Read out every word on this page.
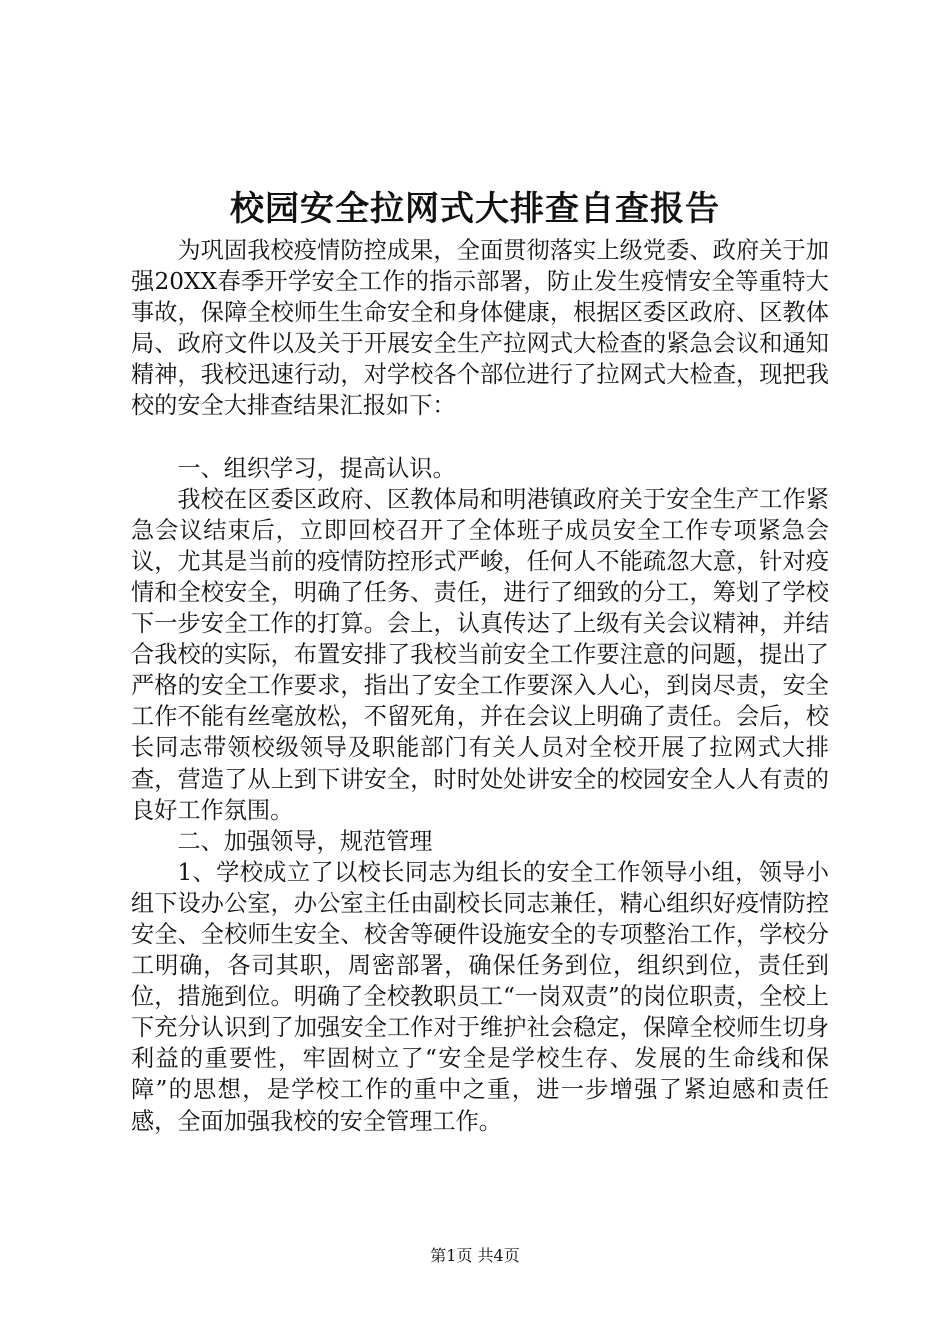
校园安全拉网式大排查自查报告

为巩固我校疫情防控成果，全面贯彻落实上级党委、政府关于加强20XX春季开学安全工作的指示部署，防止发生疫情安全等重特大事故，保障全校师生生命安全和身体健康，根据区委区政府、区教体局、政府文件以及关于开展安全生产拉网式大检查的紧急会议和通知精神，我校迅速行动，对学校各个部位进行了拉网式大检查，现把我校的安全大排查结果汇报如下：

一、组织学习，提高认识。

我校在区委区政府、区教体局和明港镇政府关于安全生产工作紧急会议结束后，立即回校召开了全体班子成员安全工作专项紧急会议，尤其是当前的疫情防控形式严峻，任何人不能疏忽大意，针对疫情和全校安全，明确了任务、责任，进行了细致的分工，筹划了学校下一步安全工作的打算。会上，认真传达了上级有关会议精神，并结合我校的实际，布置安排了我校当前安全工作要注意的问题，提出了严格的安全工作要求，指出了安全工作要深入人心，到岗尽责，安全工作不能有丝毫放松，不留死角，并在会议上明确了责任。会后，校长同志带领校级领导及职能部门有关人员对全校开展了拉网式大排查，营造了从上到下讲安全，时时处处讲安全的校园安全人人有责的良好工作氛围。

二、加强领导，规范管理

1、学校成立了以校长同志为组长的安全工作领导小组，领导小组下设办公室，办公室主任由副校长同志兼任，精心组织好疫情防控安全、全校师生安全、校舍等硬件设施安全的专项整治工作，学校分工明确，各司其职，周密部署，确保任务到位，组织到位，责任到位，措施到位。明确了全校教职员工“一岗双责”的岗位职责，全校上下充分认识到了加强安全工作对于维护社会稳定，保障全校师生切身利益的重要性，牢固树立了“安全是学校生存、发展的生命线和保障”的思想，是学校工作的重中之重，进一步增强了紧迫感和责任感，全面加强我校的安全管理工作。

第1页 共4页
